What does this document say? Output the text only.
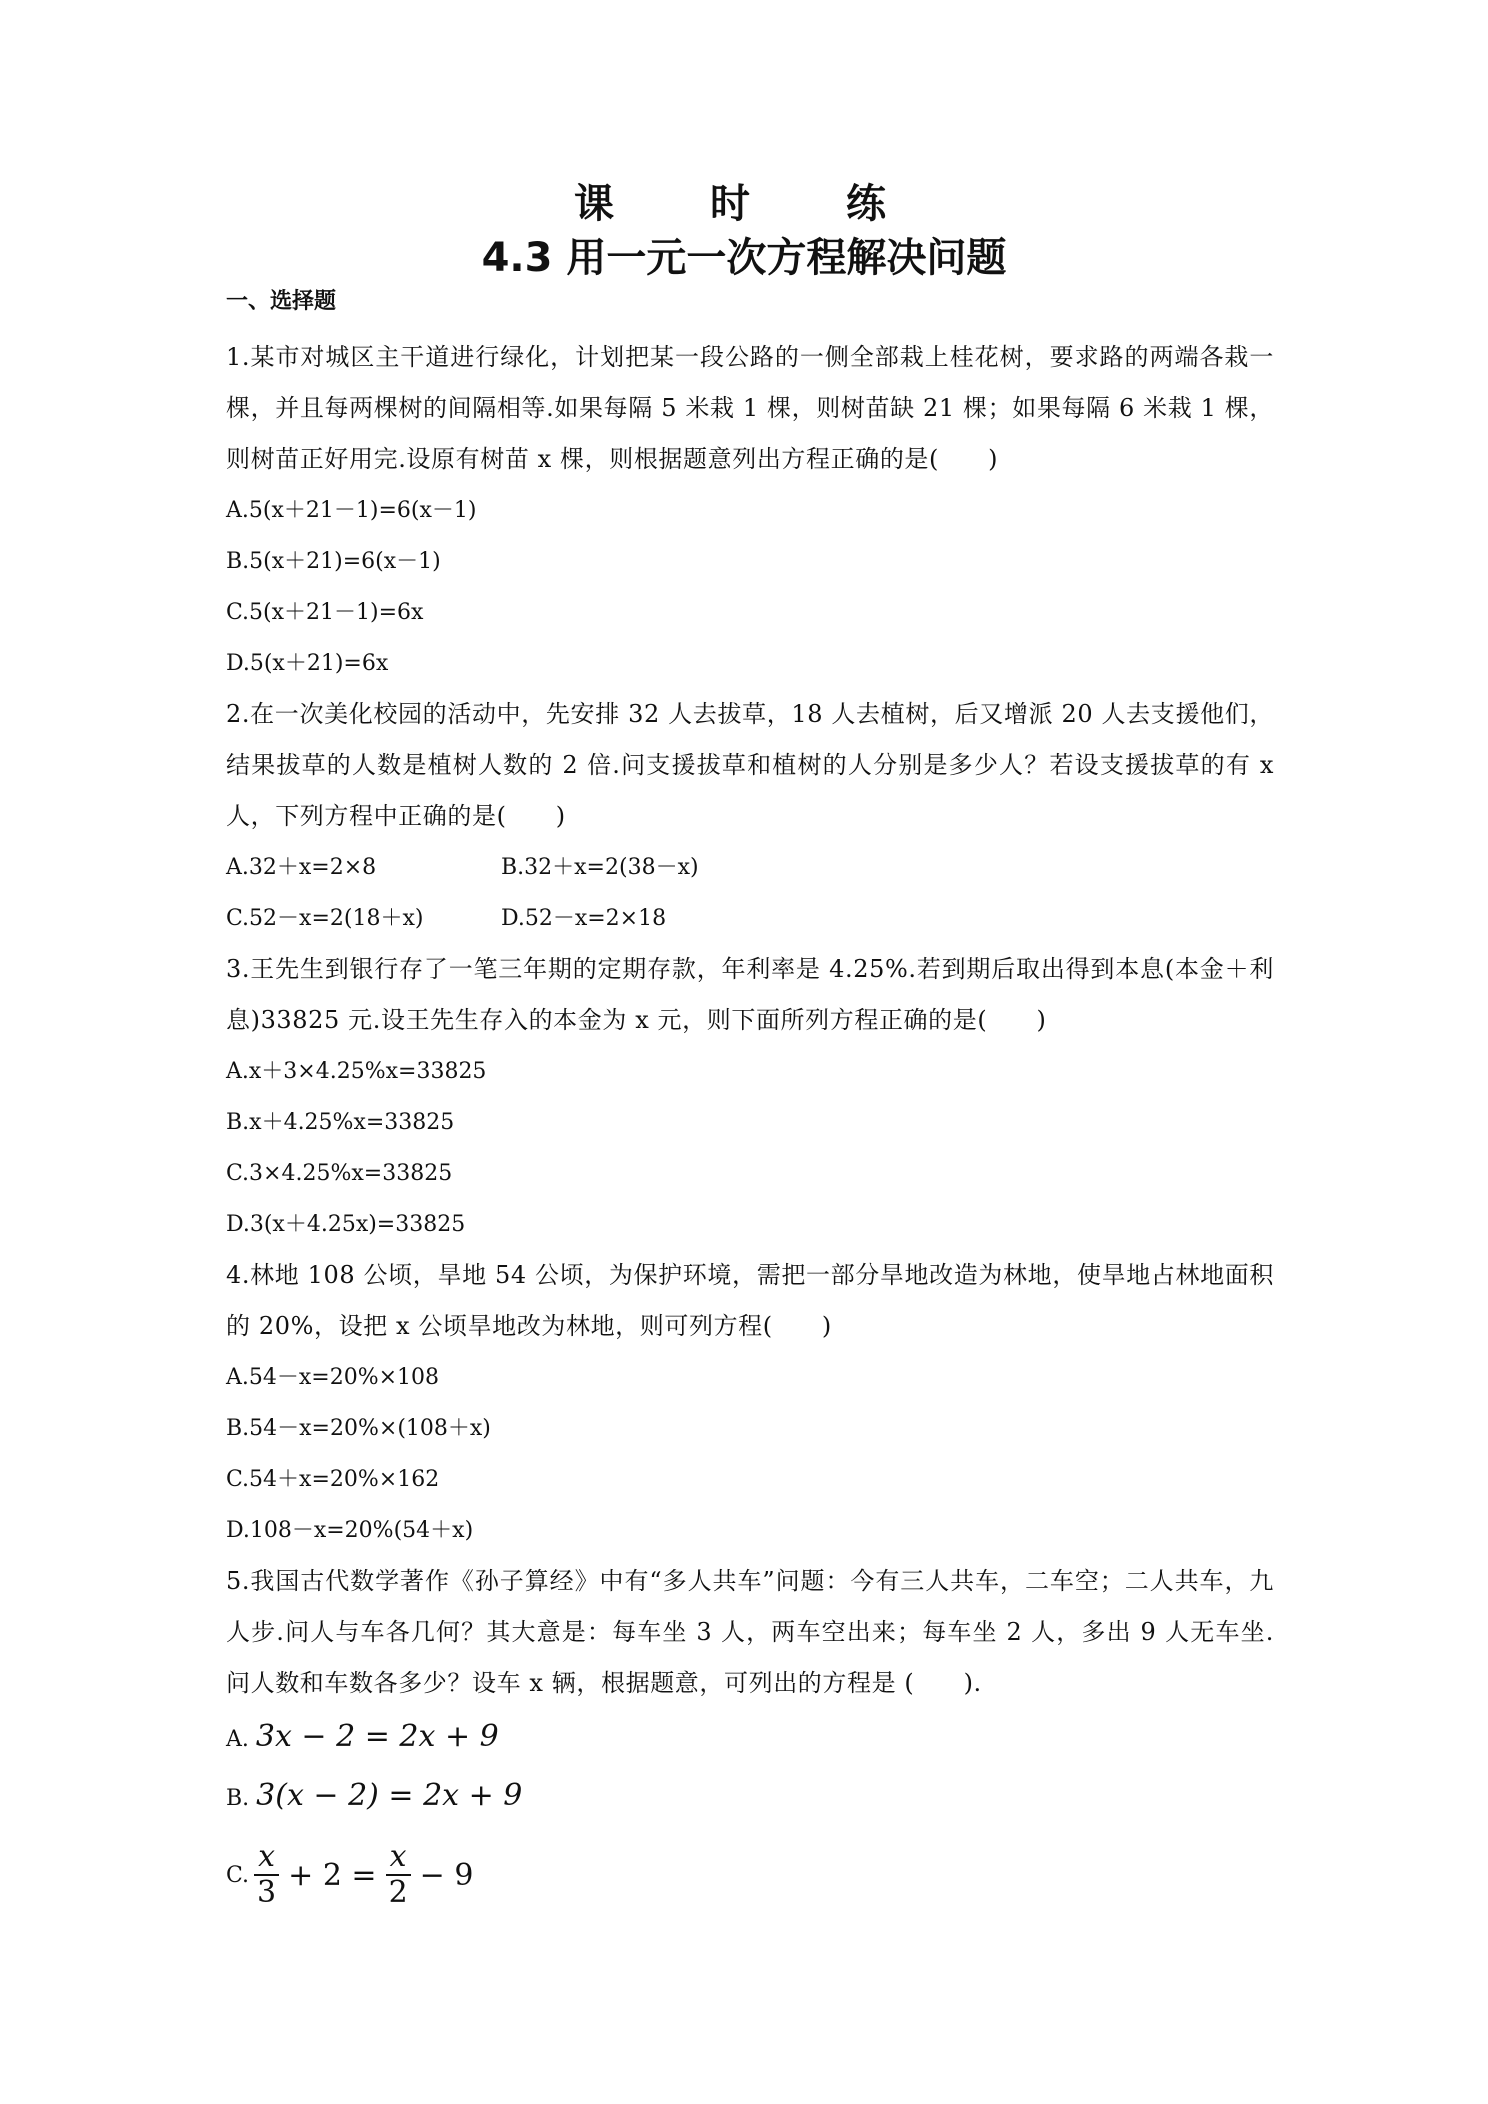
课　时　练
4.3 用一元一次方程解决问题
一、选择题

1.某市对城区主干道进行绿化，计划把某一段公路的一侧全部栽上桂花树，要求路的两端各栽一棵，并且每两棵树的间隔相等.如果每隔 5 米栽 1 棵，则树苗缺 21 棵；如果每隔 6 米栽 1 棵，则树苗正好用完.设原有树苗 x 棵，则根据题意列出方程正确的是(　　)

A.5(x＋21－1)=6(x－1)

B.5(x＋21)=6(x－1)

C.5(x＋21－1)=6x

D.5(x＋21)=6x

2.在一次美化校园的活动中，先安排 32 人去拔草，18 人去植树，后又增派 20 人去支援他们，结果拔草的人数是植树人数的 2 倍.问支援拔草和植树的人分别是多少人？若设支援拔草的有 x 人，下列方程中正确的是(　　)

A.32＋x=2×8	B.32＋x=2(38－x)

C.52－x=2(18＋x)	D.52－x=2×18

3.王先生到银行存了一笔三年期的定期存款，年利率是 4.25%.若到期后取出得到本息(本金＋利息)33825 元.设王先生存入的本金为 x 元，则下面所列方程正确的是(　　)

A.x＋3×4.25%x=33825

B.x＋4.25%x=33825

C.3×4.25%x=33825

D.3(x＋4.25x)=33825

4.林地 108 公顷，旱地 54 公顷，为保护环境，需把一部分旱地改造为林地，使旱地占林地面积的 20%，设把 x 公顷旱地改为林地，则可列方程(　　)

A.54－x=20%×108

B.54－x=20%×(108＋x)

C.54＋x=20%×162

D.108－x=20%(54＋x)

5.我国古代数学著作《孙子算经》中有“多人共车”问题：今有三人共车，二车空；二人共车，九人步.问人与车各几何？其大意是：每车坐 3 人，两车空出来；每车坐 2 人，多出 9 人无车坐. 问人数和车数各多少？设车 x 辆，根据题意，可列出的方程是 (　　).

A. 3x − 2 = 2x + 9

B. 3(x − 2) = 2x + 9

C. $\frac{x}{3} + 2 = \frac{x}{2} - 9$
